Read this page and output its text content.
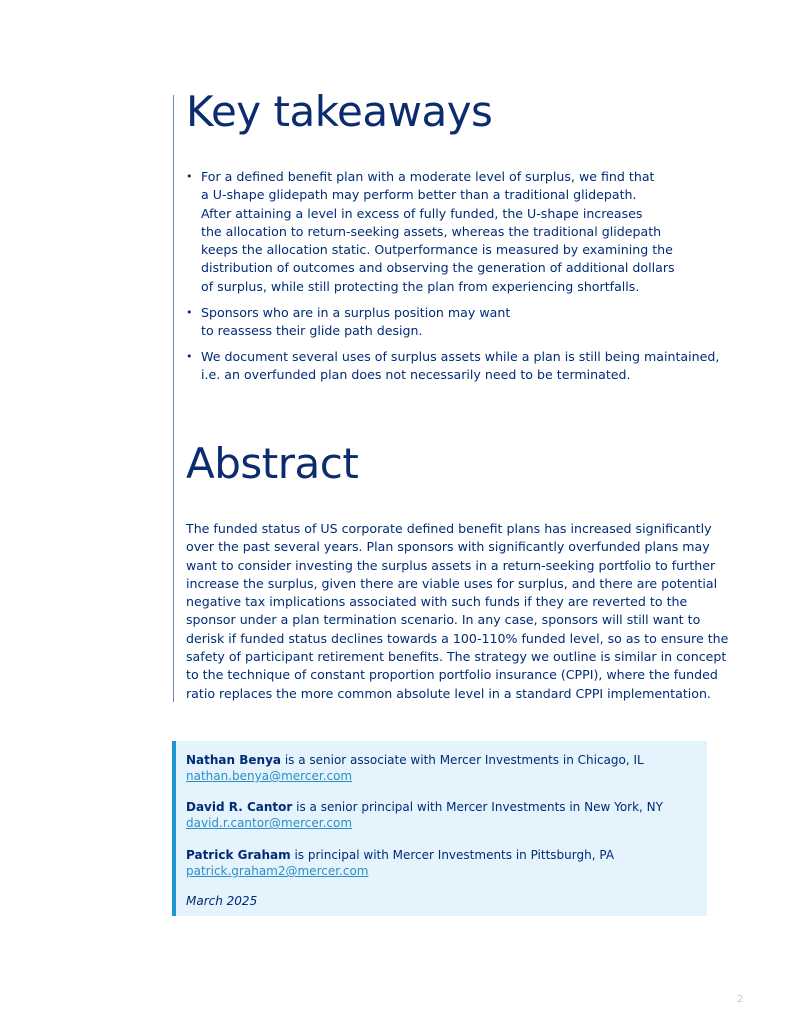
Key takeaways
• For a defined benefit plan with a moderate level of surplus, we find that
a U-shape glidepath may perform better than a traditional glidepath.
After attaining a level in excess of fully funded, the U-shape increases
the allocation to return-seeking assets, whereas the traditional glidepath
keeps the allocation static. Outperformance is measured by examining the
distribution of outcomes and observing the generation of additional dollars
of surplus, while still protecting the plan from experiencing shortfalls.
• Sponsors who are in a surplus position may want
to reassess their glide path design.
• We document several uses of surplus assets while a plan is still being maintained,
i.e. an overfunded plan does not necessarily need to be terminated.
Abstract
The funded status of US corporate defined benefit plans has increased significantly
over the past several years. Plan sponsors with significantly overfunded plans may
want to consider investing the surplus assets in a return-seeking portfolio to further
increase the surplus, given there are viable uses for surplus, and there are potential
negative tax implications associated with such funds if they are reverted to the
sponsor under a plan termination scenario. In any case, sponsors will still want to
derisk if funded status declines towards a 100-110% funded level, so as to ensure the
safety of participant retirement benefits. The strategy we outline is similar in concept
to the technique of constant proportion portfolio insurance (CPPI), where the funded
ratio replaces the more common absolute level in a standard CPPI implementation.
Nathan Benya is a senior associate with Mercer Investments in Chicago, IL
nathan.benya@mercer.com
David R. Cantor is a senior principal with Mercer Investments in New York, NY
david.r.cantor@mercer.com
Patrick Graham is principal with Mercer Investments in Pittsburgh, PA
patrick.graham2@mercer.com
March 2025
2
